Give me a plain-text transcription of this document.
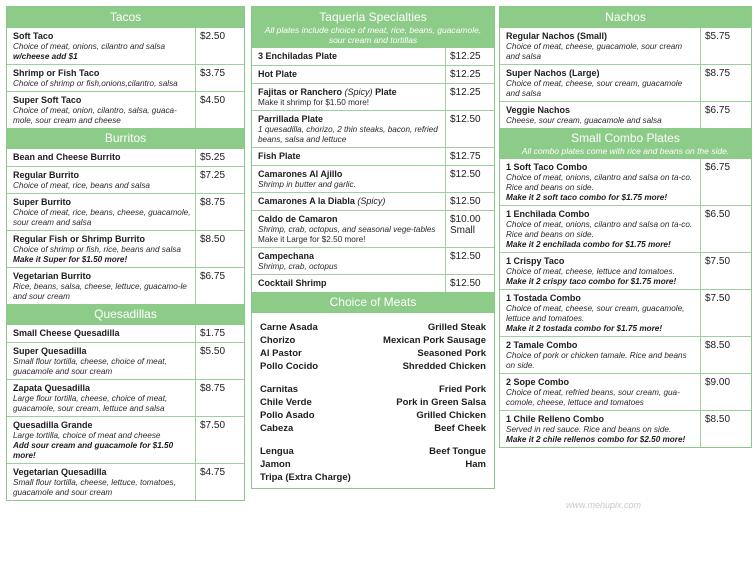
Tacos
Soft Taco
Choice of meat, onions, cilantro and salsa
w/cheese add $1
$2.50
Shrimp or Fish Taco
Choice of shrimp or fish,onions,cilantro, salsa
$3.75
Super Soft Taco
Choice of meat, onion, cilantro, salsa, guaca-mole, sour cream and cheese
$4.50
Burritos
Bean and Cheese Burrito	$5.25
Regular Burrito
Choice of meat, rice, beans and salsa
$7.25
Super Burrito
Choice of meat, rice, beans, cheese, guacamole, sour cream and salsa
$8.75
Regular Fish or Shrimp Burrito
Choice of shrimp or fish, rice, beans and salsa
Make it Super for $1.50 more!
$8.50
Vegetarian Burrito
Rice, beans, salsa, cheese, lettuce, guacamo-le and sour cream
$6.75
Quesadillas
Small Cheese Quesadilla	$1.75
Super Quesadilla
Small flour tortilla, cheese, choice of meat, guacamole and sour cream
$5.50
Zapata Quesadilla
Large flour tortilla, cheese, choice of meat, guacamole, sour cream, lettuce and salsa
$8.75
Quesadilla Grande
Large tortilla, choice of meat and cheese
Add sour cream and guacamole for $1.50 more!
$7.50
Vegetarian Quesadilla
Small flour tortilla, cheese, lettuce, tomatoes, guacamole and sour cream
$4.75
Taqueria Specialties
All plates include choice of meat, rice, beans, guacamole, sour cream and tortillas
3 Enchiladas Plate	$12.25
Hot Plate	$12.25
Fajitas or Ranchero (Spicy) Plate
Make it shrimp for $1.50 more!
$12.25
Parrillada Plate
1 quesadilla, chorizo, 2 thin steaks, bacon, refried beans, salsa and lettuce
$12.50
Fish Plate	$12.75
Camarones Al Ajillo
Shrimp in butter and garlic.
$12.50
Camarones A la Diabla (Spicy)	$12.50
Caldo de Camaron
Shrimp, crab, octopus, and seasonal vege-tables
Make it Large for $2.50 more!
$10.00
Small
Campechana
Shrimp, crab, octopus
$12.50
Cocktail Shrimp	$12.50
Choice of Meats
Carne Asada	Grilled Steak
Chorizo	Mexican Pork Sausage
Al Pastor	Seasoned Pork
Pollo Cocido	Shredded Chicken
Carnitas	Fried Pork
Chile Verde	Pork in Green Salsa
Pollo Asado	Grilled Chicken
Cabeza	Beef Cheek
Lengua	Beef Tongue
Jamon	Ham
Tripa (Extra Charge)
Nachos
Regular Nachos (Small)
Choice of meat, cheese, guacamole, sour cream and salsa
$5.75
Super Nachos (Large)
Choice of meat, cheese, sour cream, guacamole and salsa
$8.75
Veggie Nachos
Cheese, sour cream, guacamole and salsa
$6.75
Small Combo Plates
All combo plates come with rice and beans on the side.
1 Soft Taco Combo
Choice of meat, onions, cilantro and salsa on ta-co. Rice and beans on side.
Make it 2 soft taco combo for $1.75 more!
$6.75
1 Enchilada Combo
Choice of meat, onions, cilantro and salsa on ta-co. Rice and beans on side.
Make it 2 enchilada combo for $1.75 more!
$6.50
1 Crispy Taco
Choice of meat, cheese, lettuce and tomatoes.
Make it 2 crispy taco combo for $1.75 more!
$7.50
1 Tostada Combo
Choice of meat, cheese, sour cream, guacamole, lettuce and tomatoes.
Make it 2 tostada combo for $1.75 more!
$7.50
2 Tamale Combo
Choice of pork or chicken tamale. Rice and beans on side.
$8.50
2 Sope Combo
Choice of meat, refried beans, sour cream, gua-comole, cheese, lettuce and tomatoes
$9.00
1 Chile Relleno Combo
Served in red sauce. Rice and beans on side.
Make it 2 chile rellenos combo for $2.50 more!
$8.50
www.menupix.com
